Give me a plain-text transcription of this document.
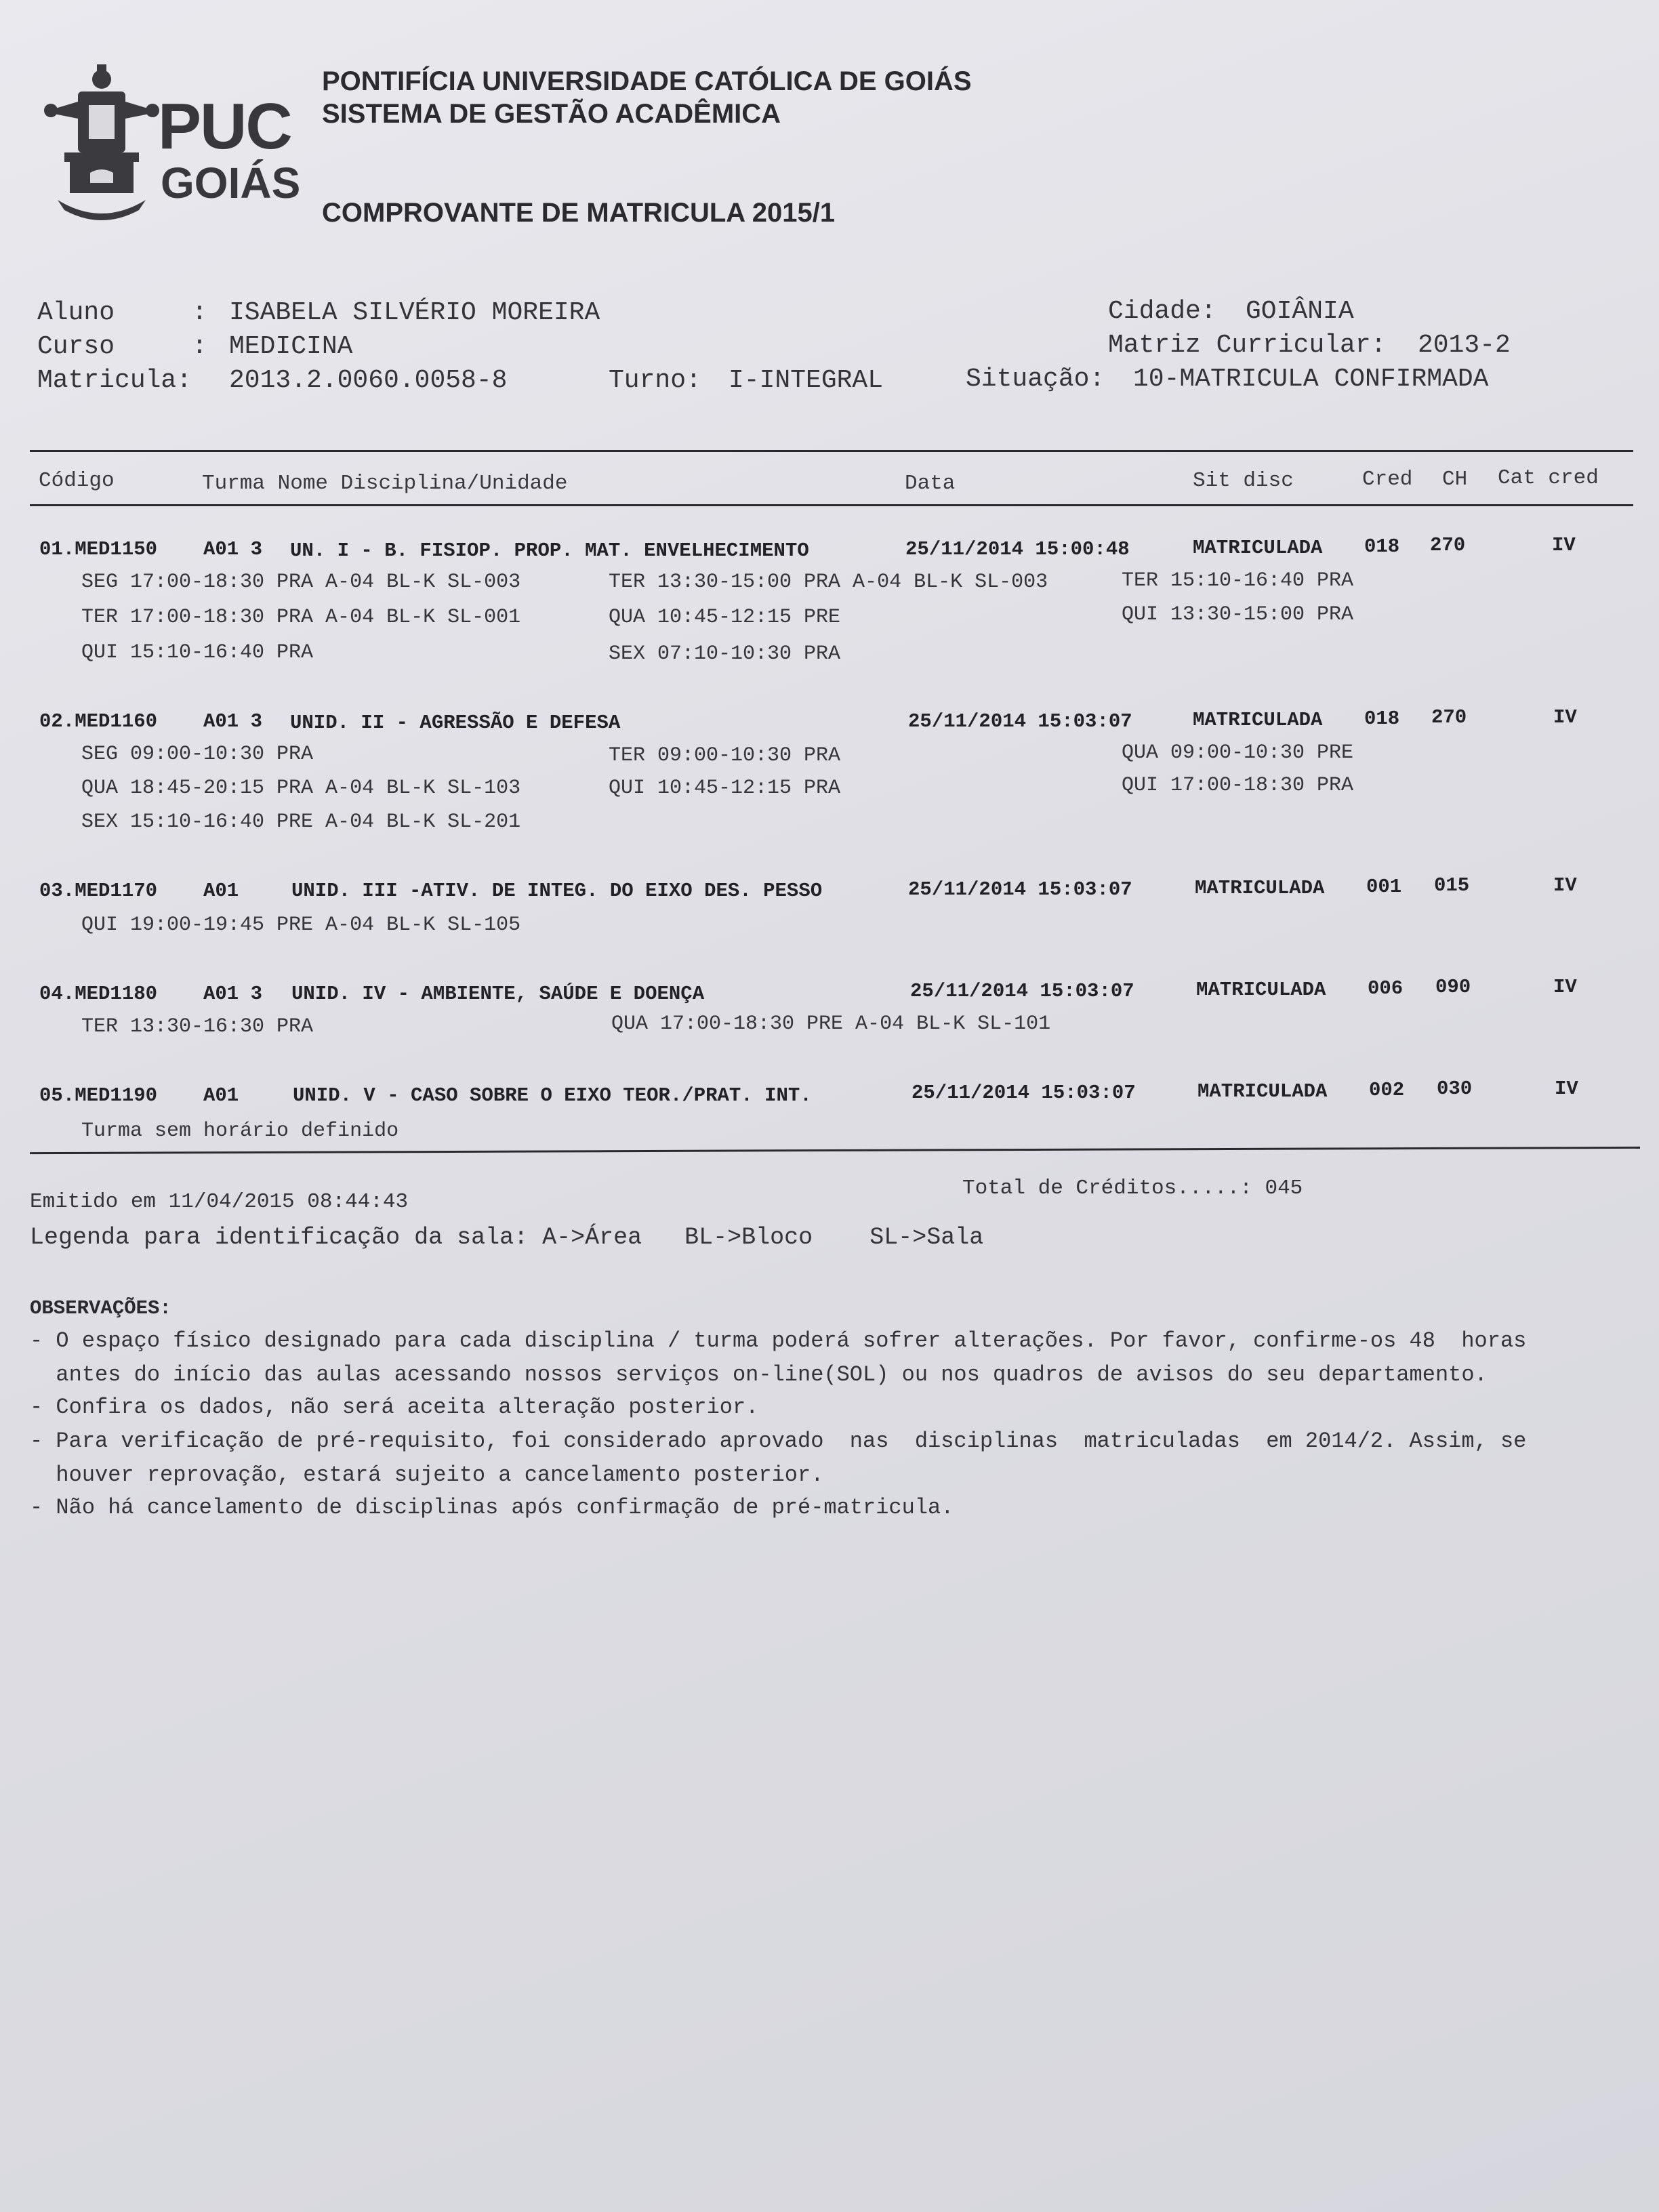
PUC
GOIÁS
PONTIFÍCIA UNIVERSIDADE CATÓLICA DE GOIÁS
SISTEMA DE GESTÃO ACADÊMICA
COMPROVANTE DE MATRICULA 2015/1
Aluno     : ISABELA SILVÉRIO MOREIRA
Curso     : MEDICINA
Matricula: 2013.2.0060.0058-8	Turno: I-INTEGRAL
Cidade: GOIÂNIA
Matriz Curricular: 2013-2
Situação: 10-MATRICULA CONFIRMADA
Código	Turma Nome Disciplina/Unidade	Data	Sit disc	Cred CH Cat cred
01.MED1150 A01 3 UN. I - B. FISIOP. PROP. MAT. ENVELHECIMENTO	25/11/2014 15:00:48	MATRICULADA 018 270	IV
SEG 17:00-18:30 PRA A-04 BL-K SL-003	TER 13:30-15:00 PRA A-04 BL-K SL-003	TER 15:10-16:40 PRA
TER 17:00-18:30 PRA A-04 BL-K SL-001	QUA 10:45-12:15 PRE	QUI 13:30-15:00 PRA
QUI 15:10-16:40 PRA	SEX 07:10-10:30 PRA
02.MED1160 A01 3 UNID. II - AGRESSÃO E DEFESA	25/11/2014 15:03:07	MATRICULADA 018 270	IV
SEG 09:00-10:30 PRA	TER 09:00-10:30 PRA	QUA 09:00-10:30 PRE
QUA 18:45-20:15 PRA A-04 BL-K SL-103	QUI 10:45-12:15 PRA	QUI 17:00-18:30 PRA
SEX 15:10-16:40 PRE A-04 BL-K SL-201
03.MED1170 A01	UNID. III -ATIV. DE INTEG. DO EIXO DES. PESSO	25/11/2014 15:03:07	MATRICULADA 001 015	IV
QUI 19:00-19:45 PRE A-04 BL-K SL-105
04.MED1180 A01 3 UNID. IV - AMBIENTE, SAÚDE E DOENÇA	25/11/2014 15:03:07	MATRICULADA 006 090	IV
TER 13:30-16:30 PRA	QUA 17:00-18:30 PRE A-04 BL-K SL-101
05.MED1190 A01	UNID. V - CASO SOBRE O EIXO TEOR./PRAT. INT.	25/11/2014 15:03:07	MATRICULADA 002 030	IV
Turma sem horário definido
Total de Créditos.....: 045
Emitido em 11/04/2015 08:44:43
Legenda para identificação da sala: A->Área   BL->Bloco    SL->Sala
OBSERVAÇÕES:
- O espaço físico designado para cada disciplina / turma poderá sofrer alterações. Por favor, confirme-os 48  horas
antes do início das aulas acessando nossos serviços on-line(SOL) ou nos quadros de avisos do seu departamento.
- Confira os dados, não será aceita alteração posterior.
- Para verificação de pré-requisito, foi considerado aprovado  nas  disciplinas  matriculadas  em 2014/2. Assim, se
houver reprovação, estará sujeito a cancelamento posterior.
- Não há cancelamento de disciplinas após confirmação de pré-matricula.
